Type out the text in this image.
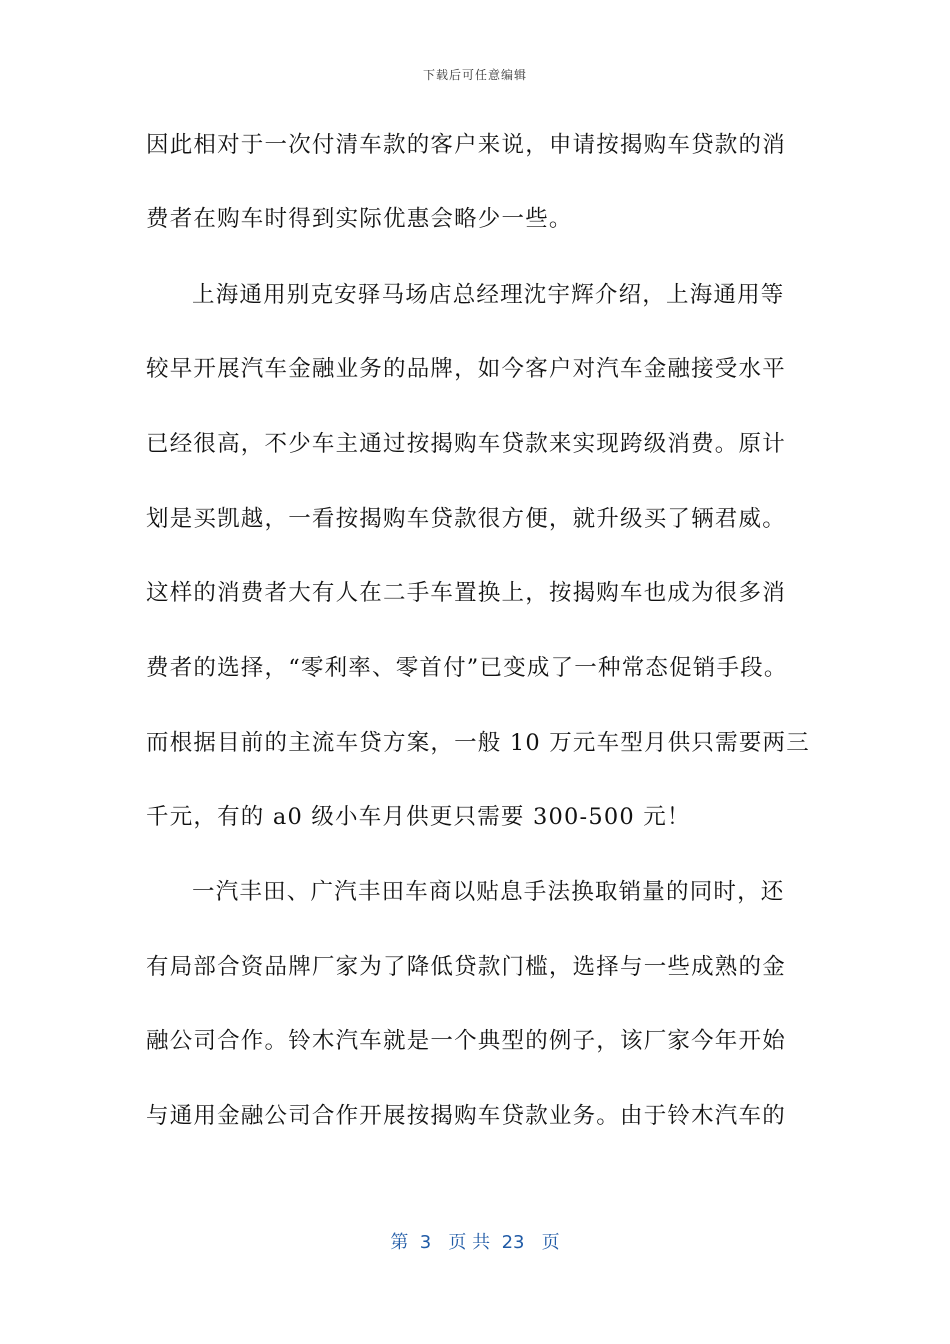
下载后可任意编辑
因此相对于一次付清车款的客户来说，申请按揭购车贷款的消
费者在购车时得到实际优惠会略少一些。
上海通用别克安驿马场店总经理沈宇辉介绍，上海通用等
较早开展汽车金融业务的品牌，如今客户对汽车金融接受水平
已经很高，不少车主通过按揭购车贷款来实现跨级消费。原计
划是买凯越，一看按揭购车贷款很方便，就升级买了辆君威。
这样的消费者大有人在二手车置换上，按揭购车也成为很多消
费者的选择，“零利率、零首付”已变成了一种常态促销手段。
而根据目前的主流车贷方案，一般 10 万元车型月供只需要两三
千元，有的 a0 级小车月供更只需要 300-500 元！
一汽丰田、广汽丰田车商以贴息手法换取销量的同时，还
有局部合资品牌厂家为了降低贷款门槛，选择与一些成熟的金
融公司合作。铃木汽车就是一个典型的例子，该厂家今年开始
与通用金融公司合作开展按揭购车贷款业务。由于铃木汽车的
第  3   页 共  23   页
